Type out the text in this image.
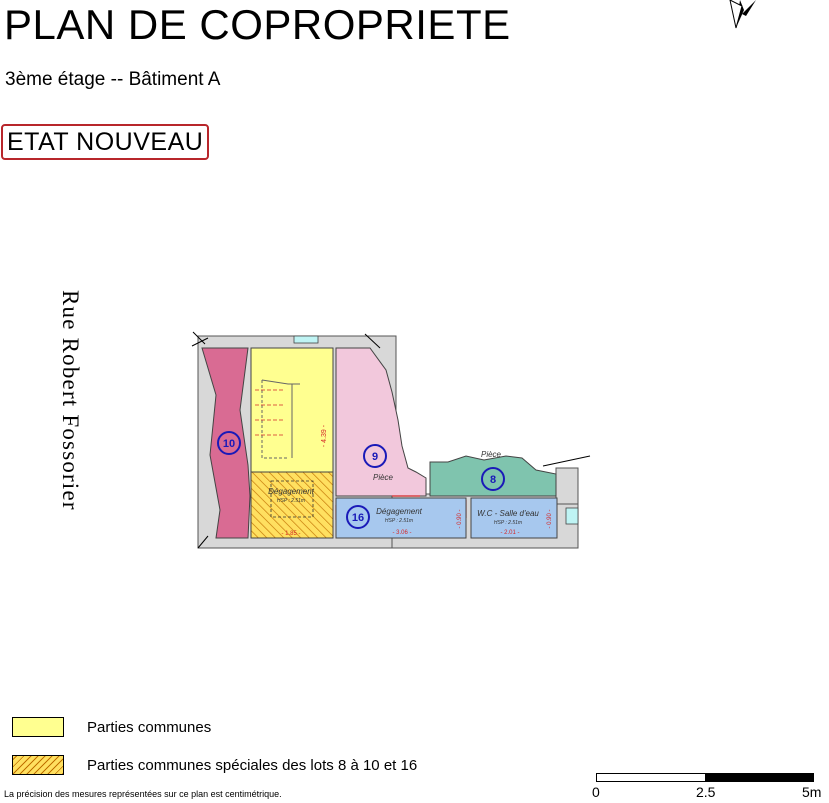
PLAN DE COPROPRIETE
3ème étage -- Bâtiment A
ETAT NOUVEAU
Rue Robert Fossorier	10	- 4.39 -
Dégagement
HSP : 2.51m
- 1.85 -
9
Pièce	8
Pièce
16
Dégagement
HSP : 2.51m
- 3.06 -
- 0.90 - W.C - Salle d'eau
HSP : 2.51m
- 2.01 -
- 0.90 -
Parties communes
Parties communes spéciales des lots 8 à 10 et 16
La précision des mesures représentées sur ce plan est centimétrique.	0	2.5	5m
